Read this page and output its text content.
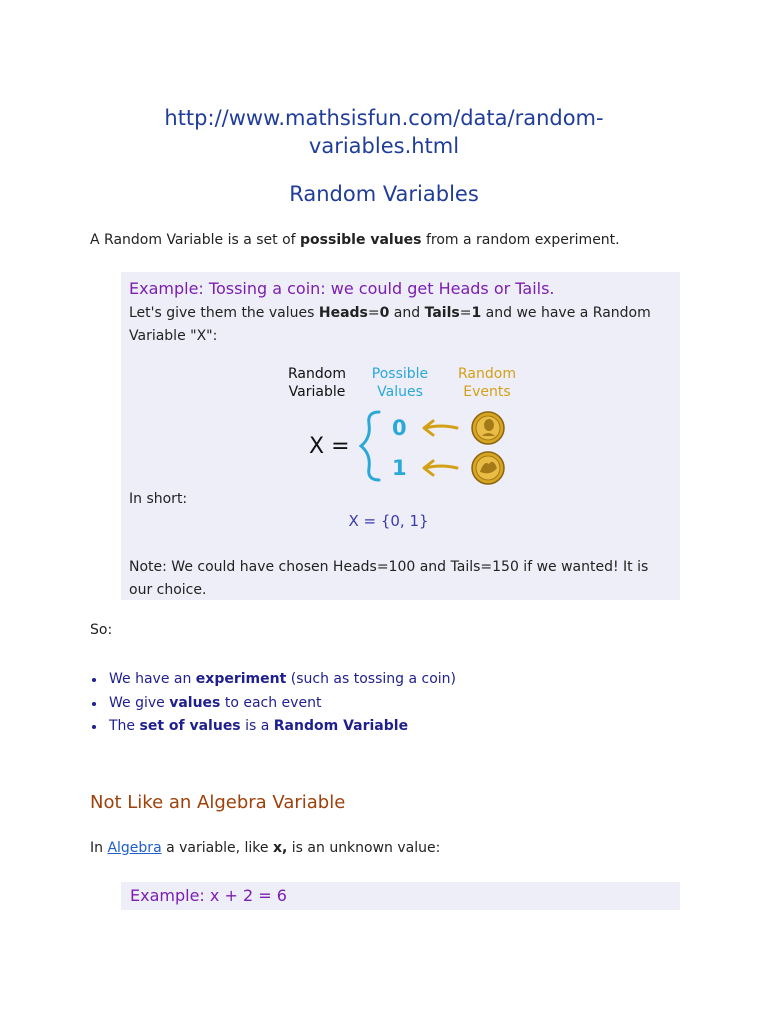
http://www.mathsisfun.com/data/random-
variables.html
Random Variables
A Random Variable is a set of possible values from a random experiment.
Example: Tossing a coin: we could get Heads or Tails.
Let's give them the values Heads=0 and Tails=1 and we have a Random Variable "X":
Random
Variable
Possible
Values
Random
Events
X =
0
1
In short:
X = {0, 1}
Note: We could have chosen Heads=100 and Tails=150 if we wanted! It is our choice.
So:
We have an experiment (such as tossing a coin)
We give values to each event
The set of values is a Random Variable
Not Like an Algebra Variable
In Algebra a variable, like x, is an unknown value:
Example: x + 2 = 6
